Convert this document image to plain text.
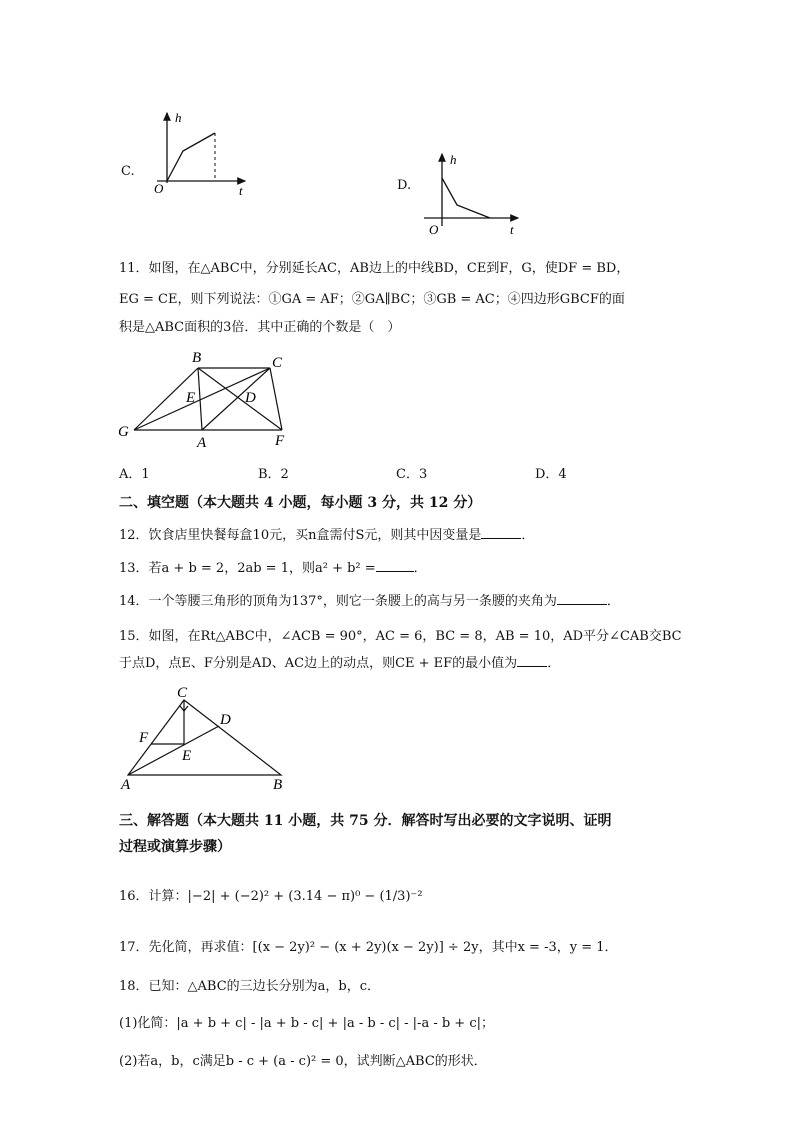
C.
h
t
O	D.
h
t
O
11．如图，在△ABC中，分别延长AC，AB边上的中线BD，CE到F，G，使DF = BD，
EG = CE，则下列说法：①GA = AF；②GA∥BC；③GB = AC；④四边形GBCF的面
积是△ABC面积的3倍．其中正确的个数是（　）
B	C
E	D
G
A	F
A．1	B．2	C．3	D．4
二、填空题（本大题共 4 小题，每小题 3 分，共 12 分）
12．饮食店里快餐每盒10元，买n盒需付S元，则其中因变量是	．
13．若a + b = 2，2ab = 1，则a² + b² =	．
14．一个等腰三角形的顶角为137°，则它一条腰上的高与另一条腰的夹角为	．
15．如图，在Rt△ABC中，∠ACB = 90°，AC = 6，BC = 8，AB = 10，AD平分∠CAB交BC
于点D，点E、F分别是AD、AC边上的动点，则CE + EF的最小值为 ．
C
D
F
E
A	B
三、解答题（本大题共 11 小题，共 75 分．解答时写出必要的文字说明、证明
过程或演算步骤）
16．计算：|−2| + (−2)² + (3.14 − π)⁰ − (1/3)⁻²
17．先化简，再求值：[(x − 2y)² − (x + 2y)(x − 2y)] ÷ 2y，其中x = -3，y = 1．
18．已知：△ABC的三边长分别为a，b，c．
(1)化简：|a + b + c| - |a + b - c| + |a - b - c| - |-a - b + c|；
(2)若a，b，c满足b - c + (a - c)² = 0，试判断△ABC的形状．
